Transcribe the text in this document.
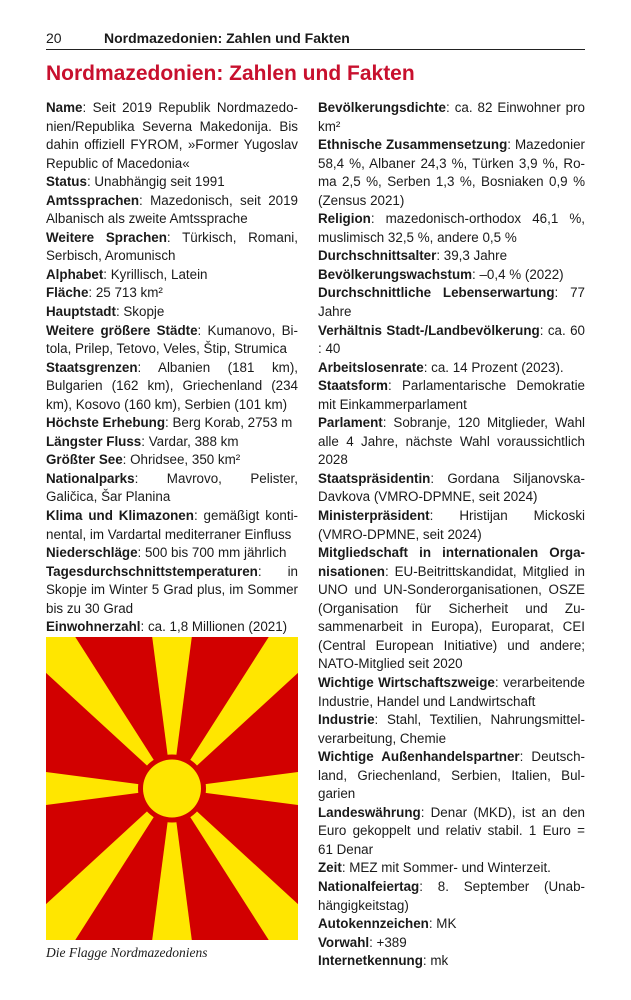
20	Nordmazedonien: Zahlen und Fakten
Nordmazedonien: Zahlen und Fakten

Name: Seit 2019 Republik Nordmazedonien/Republika Severna Makedonija. Bis dahin offiziell FYROM, »Former Yugoslav Republic of Macedonia«

Status: Unabhängig seit 1991

Amtssprachen: Mazedonisch, seit 2019 Albanisch als zweite Amtssprache

Weitere Sprachen: Türkisch, Romani, Serbisch, Aromunisch

Alphabet: Kyrillisch, Latein

Fläche: 25 713 km²

Hauptstadt: Skopje

Weitere größere Städte: Kumanovo, Bitola, Prilep, Tetovo, Veles, Štip, Strumica

Staatsgrenzen: Albanien (181 km), Bulgarien (162 km), Griechenland (234 km), Kosovo (160 km), Serbien (101 km)

Höchste Erhebung: Berg Korab, 2753 m

Längster Fluss: Vardar, 388 km

Größter See: Ohridsee, 350 km²

Nationalparks: Mavrovo, Pelister, Galičica, Šar Planina

Klima und Klimazonen: gemäßigt kontinental, im Vardartal mediterraner Einfluss

Niederschläge: 500 bis 700 mm jährlich

Tagesdurchschnittstemperaturen: in Skopje im Winter 5 Grad plus, im Sommer bis zu 30 Grad

Einwohnerzahl: ca. 1,8 Millionen (2021)

Die Flagge Nordmazedoniens

Bevölkerungsdichte: ca. 82 Einwohner pro km²

Ethnische Zusammensetzung: Mazedonier 58,4 %, Albaner 24,3 %, Türken 3,9 %, Roma 2,5 %, Serben 1,3 %, Bosniaken 0,9 % (Zensus 2021)

Religion: mazedonisch-orthodox 46,1 %, muslimisch 32,5 %, andere 0,5 %

Durchschnittsalter: 39,3 Jahre

Bevölkerungswachstum: –0,4 % (2022)

Durchschnittliche Lebenserwartung: 77 Jahre

Verhältnis Stadt-/Landbevölkerung: ca. 60 : 40

Arbeitslosenrate: ca. 14 Prozent (2023).

Staatsform: Parlamentarische Demokratie mit Einkammerparlament

Parlament: Sobranje, 120 Mitglieder, Wahl alle 4 Jahre, nächste Wahl voraussichtlich 2028

Staatspräsidentin: Gordana Siljanovska-Davkova (VMRO-DPMNE, seit 2024)

Ministerpräsident: Hristijan Mickoski (VMRO-DPMNE, seit 2024)

Mitgliedschaft in internationalen Organisationen: EU-Beitrittskandidat, Mitglied in UNO und UN-Sonderorganisationen, OSZE (Organisation für Sicherheit und Zusammenarbeit in Europa), Europarat, CEI (Central European Initiative) und andere; NATO-Mitglied seit 2020

Wichtige Wirtschaftszweige: verarbeitende Industrie, Handel und Landwirtschaft

Industrie: Stahl, Textilien, Nahrungsmittelverarbeitung, Chemie

Wichtige Außenhandelspartner: Deutschland, Griechenland, Serbien, Italien, Bulgarien

Landeswährung: Denar (MKD), ist an den Euro gekoppelt und relativ stabil. 1 Euro = 61 Denar

Zeit: MEZ mit Sommer- und Winterzeit.

Nationalfeiertag: 8. September (Unabhängigkeitstag)

Autokennzeichen: MK

Vorwahl: +389

Internetkennung: mk
